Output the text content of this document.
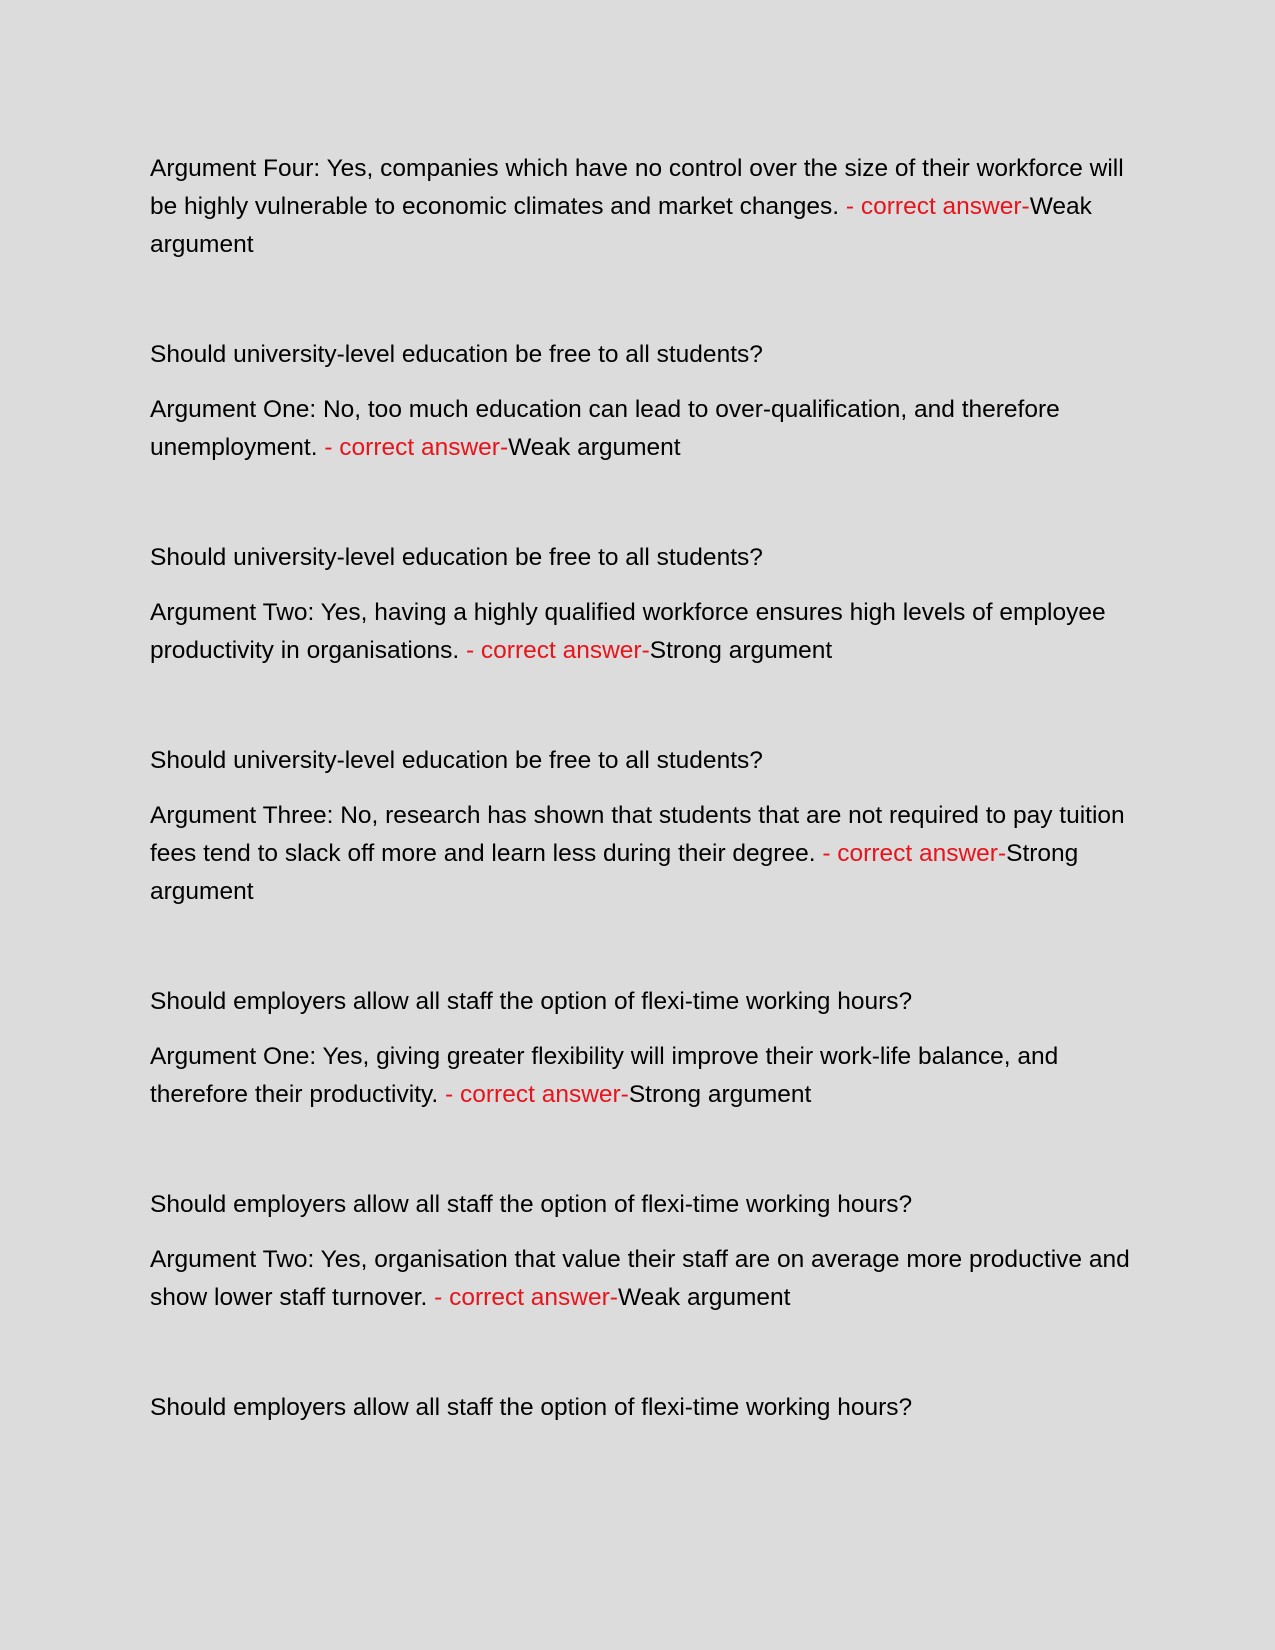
Argument Four: Yes, companies which have no control over the size of their workforce will be highly vulnerable to economic climates and market changes. - correct answer-Weak argument

Should university-level education be free to all students?

Argument One: No, too much education can lead to over-qualification, and therefore unemployment. - correct answer-Weak argument

Should university-level education be free to all students?

Argument Two: Yes, having a highly qualified workforce ensures high levels of employee productivity in organisations. - correct answer-Strong argument

Should university-level education be free to all students?

Argument Three: No, research has shown that students that are not required to pay tuition fees tend to slack off more and learn less during their degree. - correct answer-Strong argument

Should employers allow all staff the option of flexi-time working hours?

Argument One: Yes, giving greater flexibility will improve their work-life balance, and therefore their productivity. - correct answer-Strong argument

Should employers allow all staff the option of flexi-time working hours?

Argument Two: Yes, organisation that value their staff are on average more productive and show lower staff turnover. - correct answer-Weak argument

Should employers allow all staff the option of flexi-time working hours?
